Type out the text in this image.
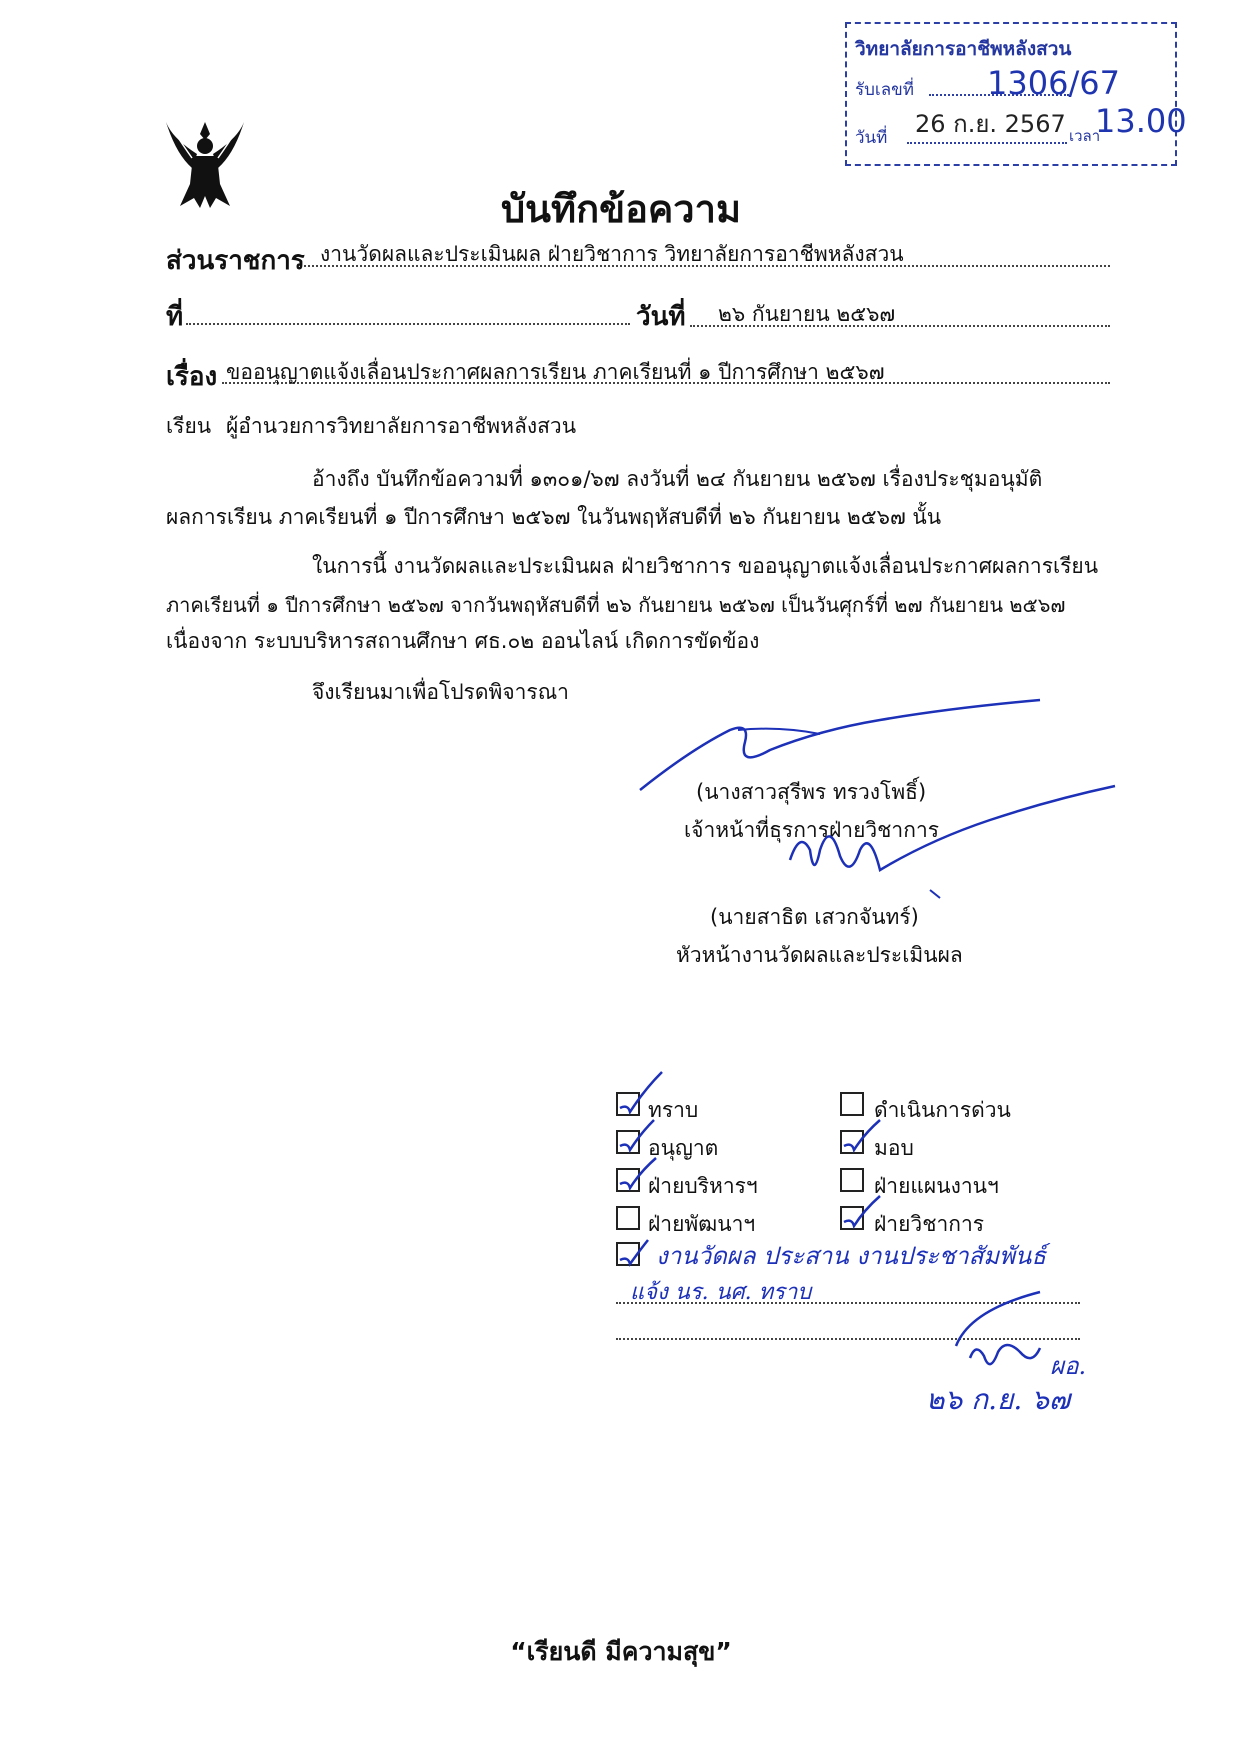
วิทยาลัยการอาชีพหลังสวน
รับเลขที่ 1306/67
วันที่ 26 ก.ย. 2567 เวลา
13.00
บันทึกข้อความ
ส่วนราชการ งานวัดผลและประเมินผล ฝ่ายวิชาการ วิทยาลัยการอาชีพหลังสวน
ที่	วันที่ ๒๖ กันยายน ๒๕๖๗
เรื่อง ขออนุญาตแจ้งเลื่อนประกาศผลการเรียน ภาคเรียนที่ ๑ ปีการศึกษา ๒๕๖๗
เรียน ผู้อำนวยการวิทยาลัยการอาชีพหลังสวน
อ้างถึง บันทึกข้อความที่ ๑๓๐๑/๖๗ ลงวันที่ ๒๔ กันยายน ๒๕๖๗ เรื่องประชุมอนุมัติ
ผลการเรียน ภาคเรียนที่ ๑ ปีการศึกษา ๒๕๖๗ ในวันพฤหัสบดีที่ ๒๖ กันยายน ๒๕๖๗ นั้น
ในการนี้ งานวัดผลและประเมินผล ฝ่ายวิชาการ ขออนุญาตแจ้งเลื่อนประกาศผลการเรียน
ภาคเรียนที่ ๑ ปีการศึกษา ๒๕๖๗ จากวันพฤหัสบดีที่ ๒๖ กันยายน ๒๕๖๗ เป็นวันศุกร์ที่ ๒๗ กันยายน ๒๕๖๗
เนื่องจาก ระบบบริหารสถานศึกษา ศธ.๐๒ ออนไลน์ เกิดการขัดข้อง
จึงเรียนมาเพื่อโปรดพิจารณา
(นางสาวสุรีพร ทรวงโพธิ์)
เจ้าหน้าที่ธุรการฝ่ายวิชาการ
(นายสาธิต เสวกจันทร์)
หัวหน้างานวัดผลและประเมินผล
ทราบ	ดำเนินการด่วน
อนุญาต	มอบ
ฝ่ายบริหารฯ	ฝ่ายแผนงานฯ
ฝ่ายพัฒนาฯ	ฝ่ายวิชาการ
งานวัดผล ประสาน งานประชาสัมพันธ์
แจ้ง นร. นศ. ทราบ
ผอ.
๒๖ ก.ย. ๖๗
“เรียนดี มีความสุข”
